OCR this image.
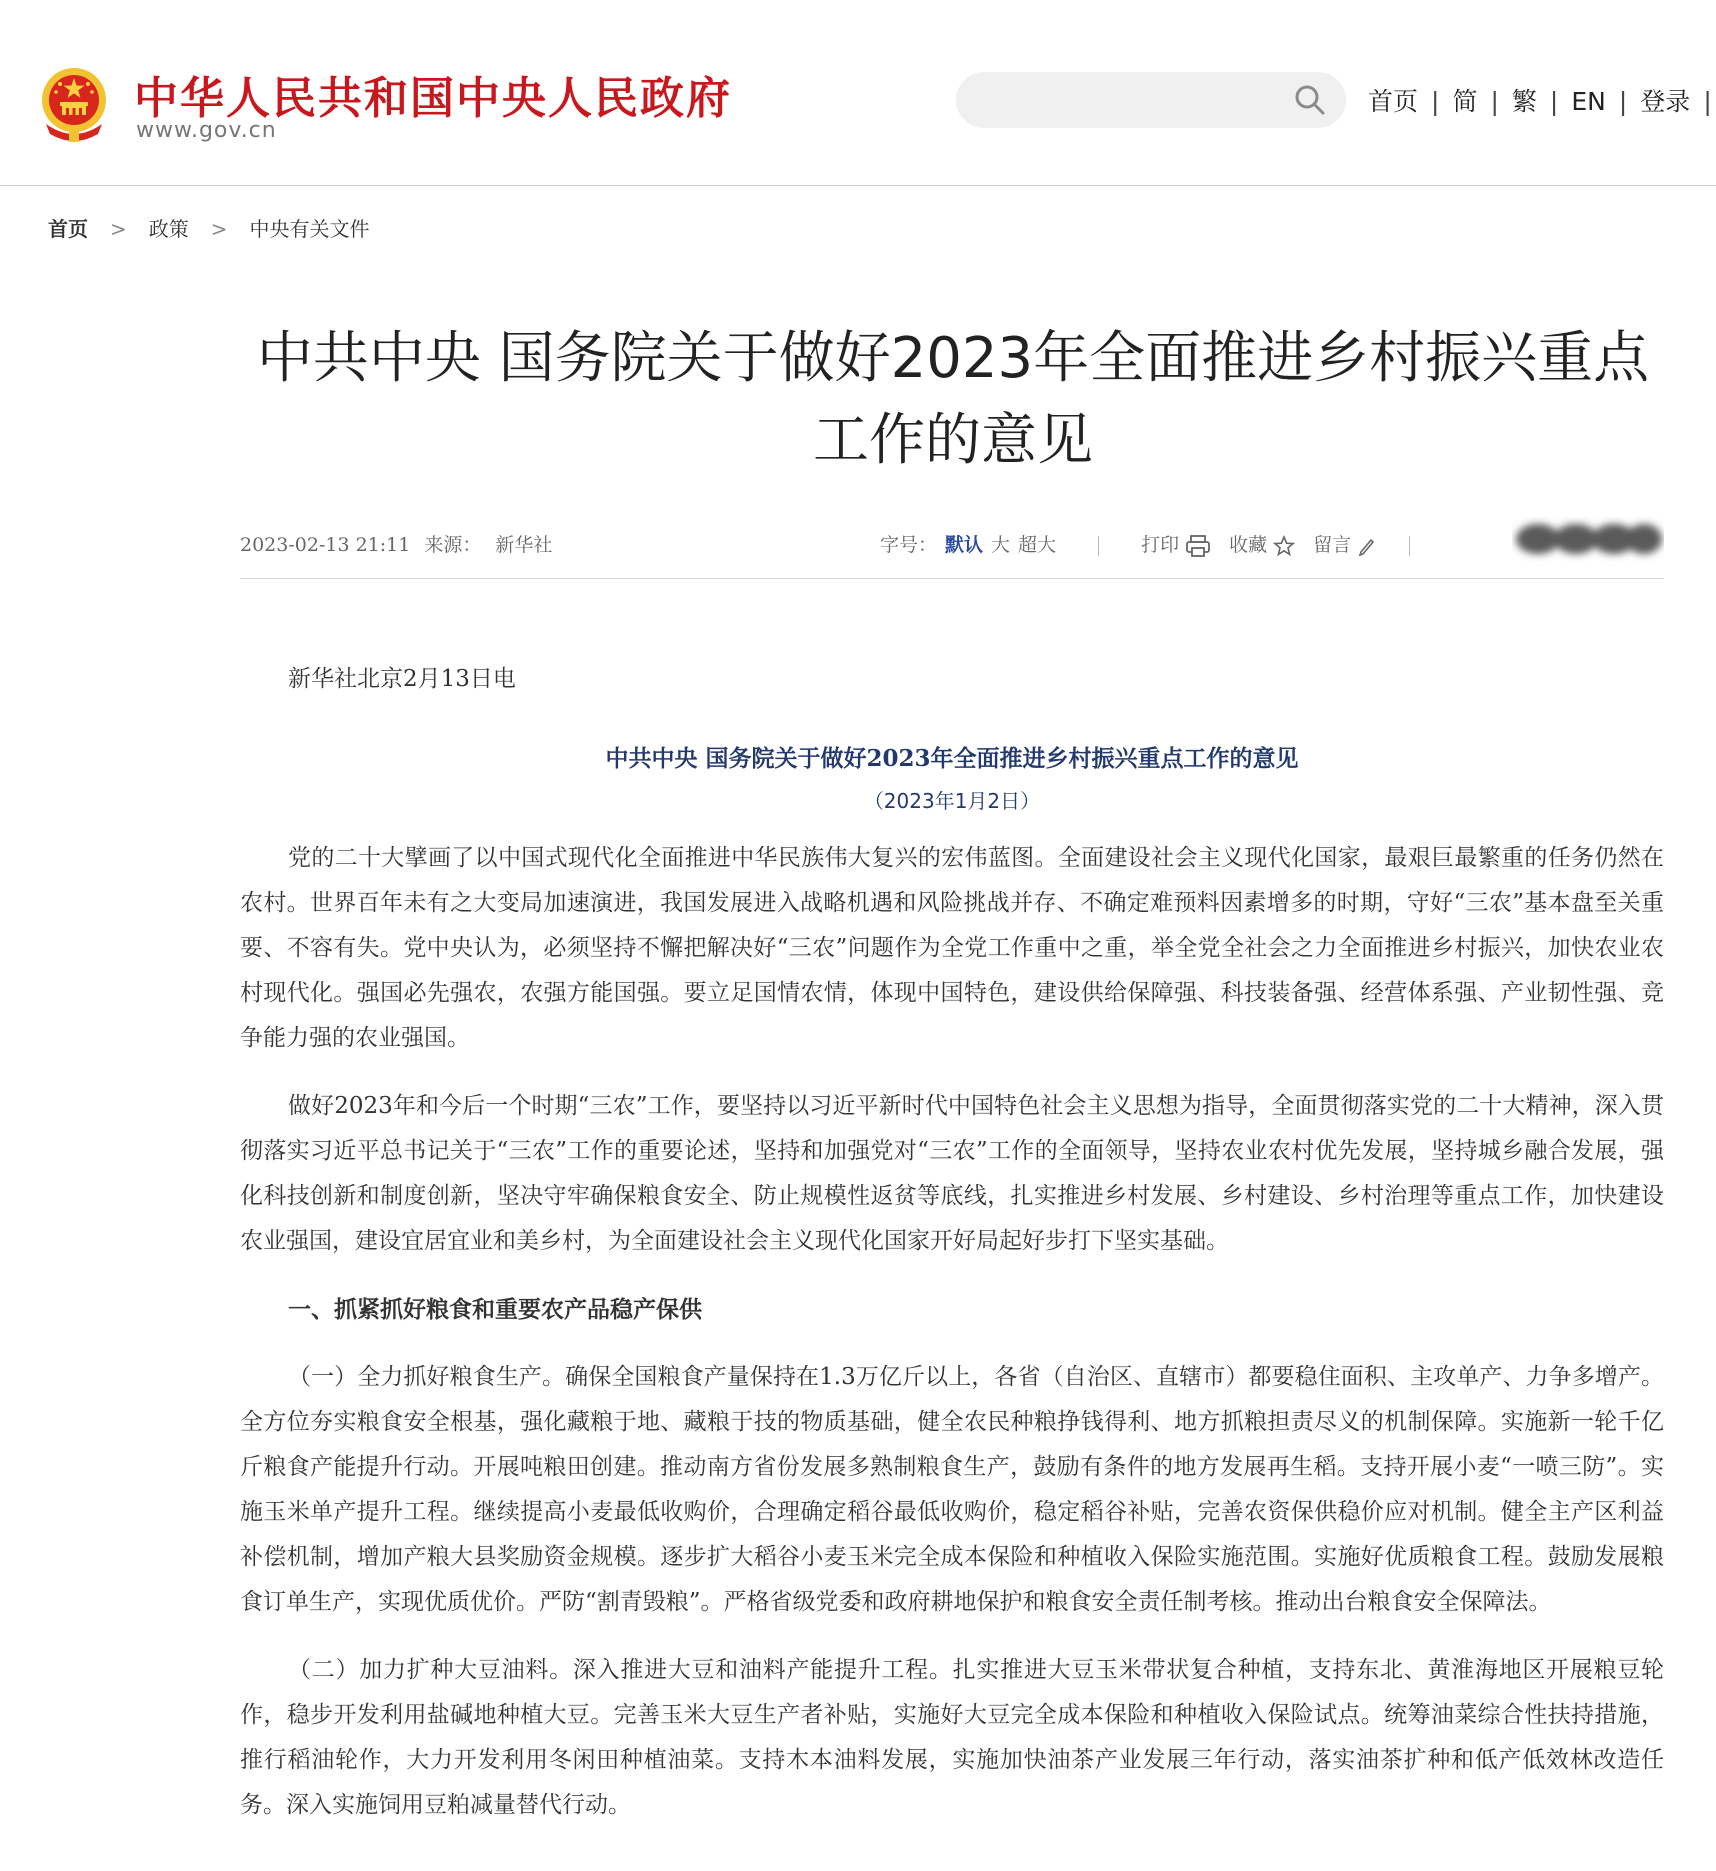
中华人民共和国中央人民政府
www.gov.cn
首页 | 简 | 繁 | EN | 登录 |
首页 > 政策 > 中央有关文件
中共中央 国务院关于做好2023年全面推进乡村振兴重点工作的意见
2023-02-13 21:11 来源： 新华社	字号： 默认 大 超大	打印	收藏 留言

新华社北京2月13日电

中共中央 国务院关于做好2023年全面推进乡村振兴重点工作的意见

（2023年1月2日）

党的二十大擘画了以中国式现代化全面推进中华民族伟大复兴的宏伟蓝图。全面建设社会主义现代化国家，最艰巨最繁重的任务仍然在农村。世界百年未有之大变局加速演进，我国发展进入战略机遇和风险挑战并存、不确定难预料因素增多的时期，守好“三农”基本盘至关重要、不容有失。党中央认为，必须坚持不懈把解决好“三农”问题作为全党工作重中之重，举全党全社会之力全面推进乡村振兴，加快农业农村现代化。强国必先强农，农强方能国强。要立足国情农情，体现中国特色，建设供给保障强、科技装备强、经营体系强、产业韧性强、竞争能力强的农业强国。

做好2023年和今后一个时期“三农”工作，要坚持以习近平新时代中国特色社会主义思想为指导，全面贯彻落实党的二十大精神，深入贯彻落实习近平总书记关于“三农”工作的重要论述，坚持和加强党对“三农”工作的全面领导，坚持农业农村优先发展，坚持城乡融合发展，强化科技创新和制度创新，坚决守牢确保粮食安全、防止规模性返贫等底线，扎实推进乡村发展、乡村建设、乡村治理等重点工作，加快建设农业强国，建设宜居宜业和美乡村，为全面建设社会主义现代化国家开好局起好步打下坚实基础。

一、抓紧抓好粮食和重要农产品稳产保供

（一）全力抓好粮食生产。确保全国粮食产量保持在1.3万亿斤以上，各省（自治区、直辖市）都要稳住面积、主攻单产、力争多增产。全方位夯实粮食安全根基，强化藏粮于地、藏粮于技的物质基础，健全农民种粮挣钱得利、地方抓粮担责尽义的机制保障。实施新一轮千亿斤粮食产能提升行动。开展吨粮田创建。推动南方省份发展多熟制粮食生产，鼓励有条件的地方发展再生稻。支持开展小麦“一喷三防”。实施玉米单产提升工程。继续提高小麦最低收购价，合理确定稻谷最低收购价，稳定稻谷补贴，完善农资保供稳价应对机制。健全主产区利益补偿机制，增加产粮大县奖励资金规模。逐步扩大稻谷小麦玉米完全成本保险和种植收入保险实施范围。实施好优质粮食工程。鼓励发展粮食订单生产，实现优质优价。严防“割青毁粮”。严格省级党委和政府耕地保护和粮食安全责任制考核。推动出台粮食安全保障法。

（二）加力扩种大豆油料。深入推进大豆和油料产能提升工程。扎实推进大豆玉米带状复合种植，支持东北、黄淮海地区开展粮豆轮作，稳步开发利用盐碱地种植大豆。完善玉米大豆生产者补贴，实施好大豆完全成本保险和种植收入保险试点。统筹油菜综合性扶持措施，推行稻油轮作，大力开发利用冬闲田种植油菜。支持木本油料发展，实施加快油茶产业发展三年行动，落实油茶扩种和低产低效林改造任务。深入实施饲用豆粕减量替代行动。
